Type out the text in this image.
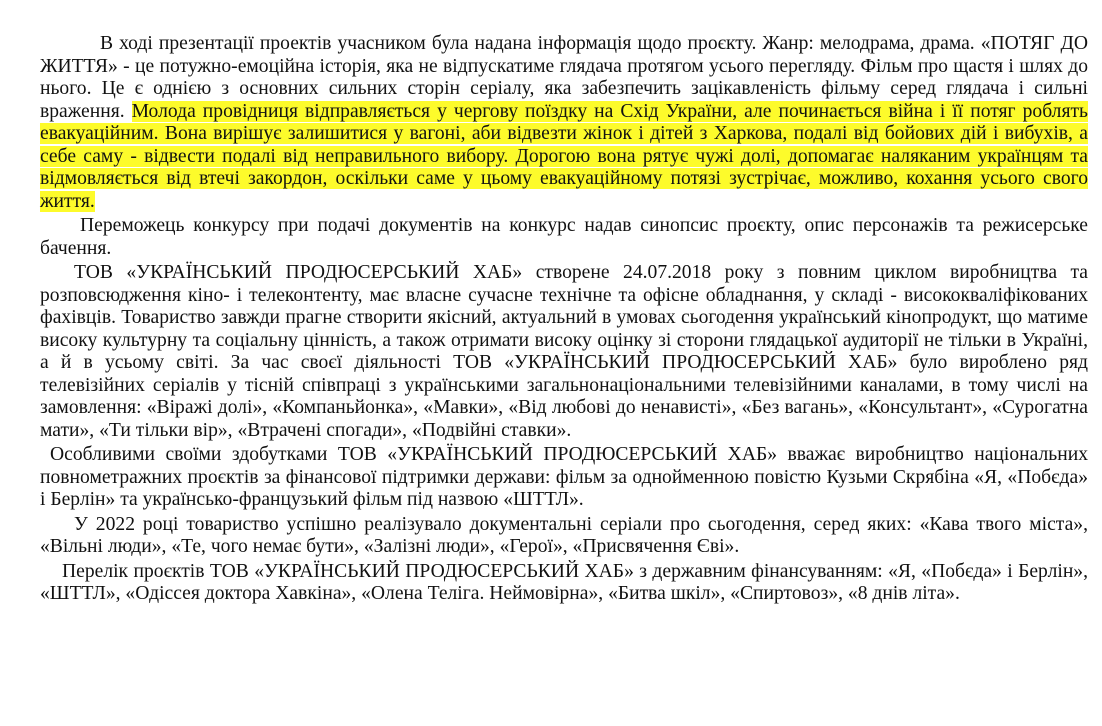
В ході презентації проектів учасником була надана інформація щодо проєкту. Жанр: мелодрама, драма. «ПОТЯГ ДО ЖИТТЯ» - це потужно-емоційна історія, яка не відпускатиме глядача протягом усього перегляду. Фільм про щастя і шлях до нього. Це є однією з основних сильних сторін серіалу, яка забезпечить зацікавленість фільму серед глядача і сильні враження. Молода провідниця відправляється у чергову поїздку на Схід України, але починається війна і її потяг роблять евакуаційним. Вона вирішує залишитися у вагоні, аби відвезти жінок і дітей з Харкова, подалі від бойових дій і вибухів, а себе саму - відвести подалі від неправильного вибору. Дорогою вона рятує чужі долі, допомагає наляканим українцям та відмовляється від втечі закордон, оскільки саме у цьому евакуаційному потязі зустрічає, можливо, кохання усього свого життя.

Переможець конкурсу при подачі документів на конкурс надав синопсис проєкту, опис персонажів та режисерське бачення.

ТОВ «УКРАЇНСЬКИЙ ПРОДЮСЕРСЬКИЙ ХАБ» створене 24.07.2018 року з повним циклом виробництва та розповсюдження кіно- і телеконтенту, має власне сучасне технічне та офісне обладнання, у складі - висококваліфікованих фахівців. Товариство завжди прагне створити якісний, актуальний в умовах сьогодення український кінопродукт, що матиме високу культурну та соціальну цінність, а також отримати високу оцінку зі сторони глядацької аудиторії не тільки в Україні, а й в усьому світі. За час своєї діяльності ТОВ «УКРАЇНСЬКИЙ ПРОДЮСЕРСЬКИЙ ХАБ» було вироблено ряд телевізійних серіалів у тісній співпраці з українськими загальнонаціональними телевізійними каналами, в тому числі на замовлення: «Віражі долі», «Компаньйонка», «Мавки», «Від любові до ненависті», «Без вагань», «Консультант», «Сурогатна мати», «Ти тільки вір», «Втрачені спогади», «Подвійні ставки».

Особливими своїми здобутками ТОВ «УКРАЇНСЬКИЙ ПРОДЮСЕРСЬКИЙ ХАБ» вважає виробництво національних повнометражних проєктів за фінансової підтримки держави: фільм за однойменною повістю Кузьми Скрябіна «Я, «Побєда» і Берлін» та українсько-французький фільм під назвою «ШТТЛ».

У 2022 році товариство успішно реалізувало документальні серіали про сьогодення, серед яких: «Кава твого міста», «Вільні люди», «Те, чого немає бути», «Залізні люди», «Герої», «Присвячення Єві».

Перелік проєктів ТОВ «УКРАЇНСЬКИЙ ПРОДЮСЕРСЬКИЙ ХАБ» з державним фінансуванням: «Я, «Побєда» і Берлін», «ШТТЛ», «Одіссея доктора Хавкіна», «Олена Теліга. Неймовірна», «Битва шкіл», «Спиртовоз», «8 днів літа».
